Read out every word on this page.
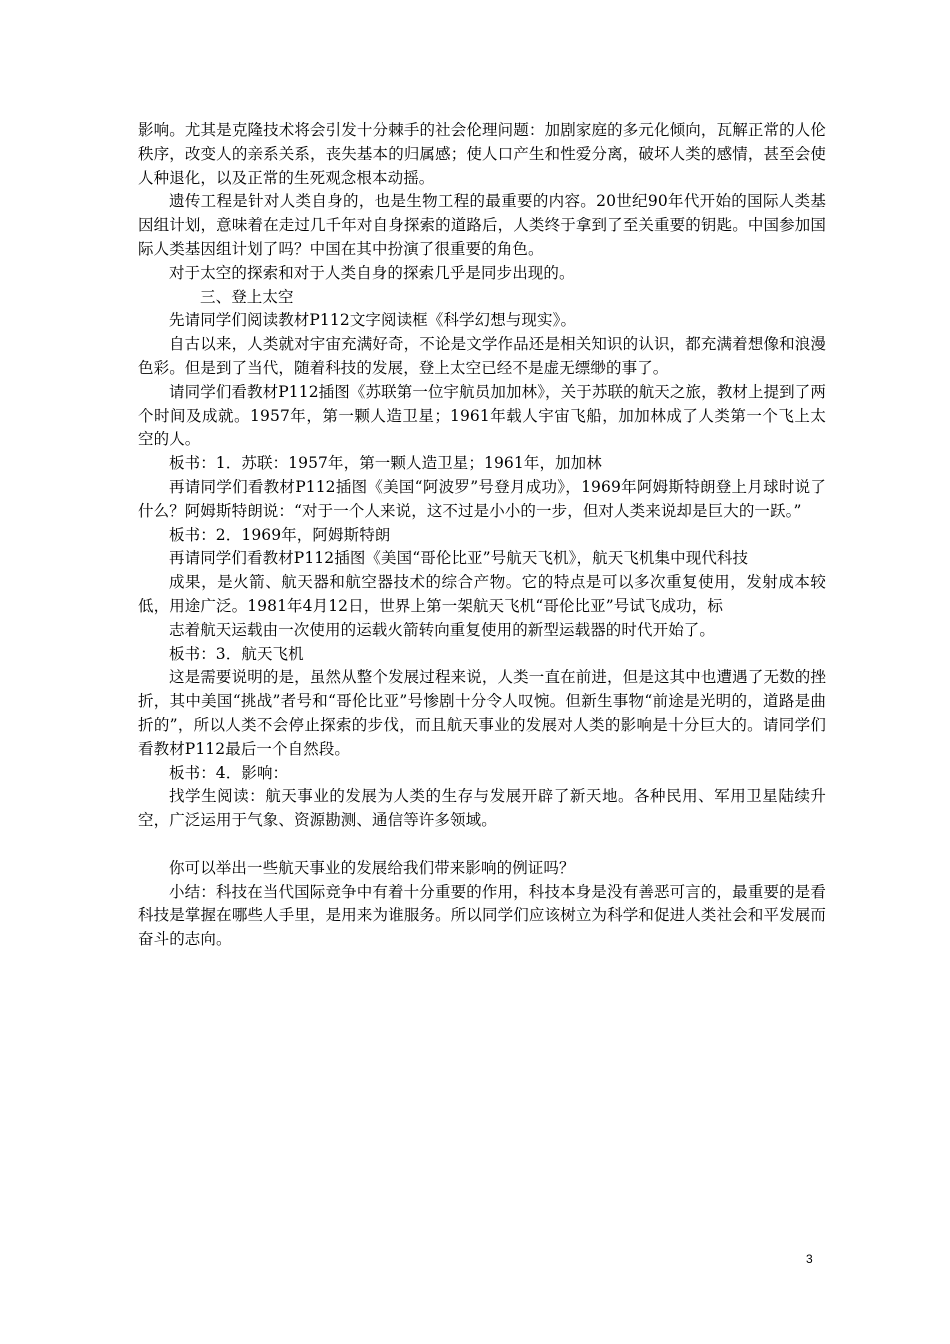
影响。尤其是克隆技术将会引发十分棘手的社会伦理问题：加剧家庭的多元化倾向，瓦解正常的人伦秩序，改变人的亲系关系，丧失基本的归属感；使人口产生和性爱分离，破坏人类的感情，甚至会使人种退化，以及正常的生死观念根本动摇。

遗传工程是针对人类自身的，也是生物工程的最重要的内容。20世纪90年代开始的国际人类基因组计划，意味着在走过几千年对自身探索的道路后，人类终于拿到了至关重要的钥匙。中国参加国际人类基因组计划了吗？中国在其中扮演了很重要的角色。

对于太空的探索和对于人类自身的探索几乎是同步出现的。

三、登上太空

先请同学们阅读教材P112文字阅读框《科学幻想与现实》。

自古以来，人类就对宇宙充满好奇，不论是文学作品还是相关知识的认识，都充满着想像和浪漫色彩。但是到了当代，随着科技的发展，登上太空已经不是虚无缥缈的事了。

请同学们看教材P112插图《苏联第一位宇航员加加林》，关于苏联的航天之旅，教材上提到了两个时间及成就。1957年，第一颗人造卫星；1961年载人宇宙飞船，加加林成了人类第一个飞上太空的人。

板书：1．苏联：1957年，第一颗人造卫星；1961年，加加林

再请同学们看教材P112插图《美国“阿波罗”号登月成功》，1969年阿姆斯特朗登上月球时说了什么？阿姆斯特朗说：“对于一个人来说，这不过是小小的一步，但对人类来说却是巨大的一跃。”

板书：2．1969年，阿姆斯特朗

再请同学们看教材P112插图《美国“哥伦比亚”号航天飞机》，航天飞机集中现代科技

成果，是火箭、航天器和航空器技术的综合产物。它的特点是可以多次重复使用，发射成本较低，用途广泛。1981年4月12日，世界上第一架航天飞机“哥伦比亚”号试飞成功，标

志着航天运载由一次使用的运载火箭转向重复使用的新型运载器的时代开始了。

板书：3．航天飞机

这是需要说明的是，虽然从整个发展过程来说，人类一直在前进，但是这其中也遭遇了无数的挫折，其中美国“挑战”者号和“哥伦比亚”号惨剧十分令人叹惋。但新生事物“前途是光明的，道路是曲折的”，所以人类不会停止探索的步伐，而且航天事业的发展对人类的影响是十分巨大的。请同学们看教材P112最后一个自然段。

板书：4．影响：

找学生阅读：航天事业的发展为人类的生存与发展开辟了新天地。各种民用、军用卫星陆续升空，广泛运用于气象、资源勘测、通信等许多领域。

你可以举出一些航天事业的发展给我们带来影响的例证吗？

小结：科技在当代国际竞争中有着十分重要的作用，科技本身是没有善恶可言的，最重要的是看科技是掌握在哪些人手里，是用来为谁服务。所以同学们应该树立为科学和促进人类社会和平发展而奋斗的志向。

3
